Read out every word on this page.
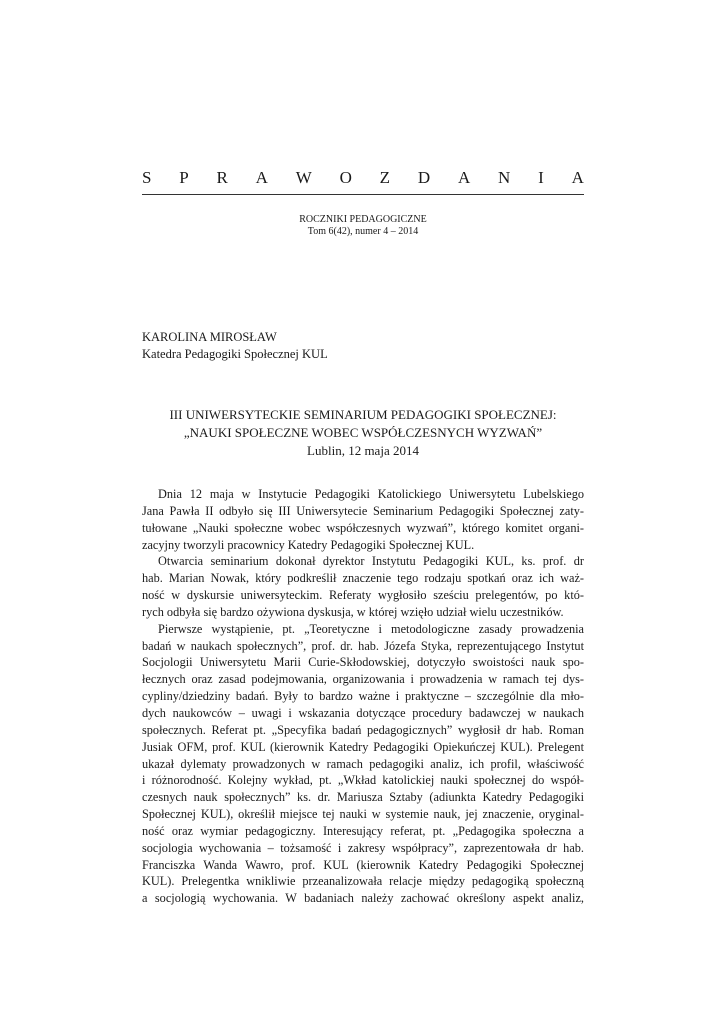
S P R A W O Z D A N I A
ROCZNIKI PEDAGOGICZNE
Tom 6(42), numer 4 – 2014
KAROLINA MIROSŁAW
Katedra Pedagogiki Społecznej KUL
III UNIWERSYTECKIE SEMINARIUM PEDAGOGIKI SPOŁECZNEJ:
„NAUKI SPOŁECZNE WOBEC WSPÓŁCZESNYCH WYZWAŃ”
Lublin, 12 maja 2014
Dnia 12 maja w Instytucie Pedagogiki Katolickiego Uniwersytetu Lubelskiego
Jana Pawła II odbyło się III Uniwersytecie Seminarium Pedagogiki Społecznej zaty-
tułowane „Nauki społeczne wobec współczesnych wyzwań”, którego komitet organi-
zacyjny tworzyli pracownicy Katedry Pedagogiki Społecznej KUL.
Otwarcia seminarium dokonał dyrektor Instytutu Pedagogiki KUL, ks. prof. dr
hab. Marian Nowak, który podkreślił znaczenie tego rodzaju spotkań oraz ich waż-
ność w dyskursie uniwersyteckim. Referaty wygłosiło sześciu prelegentów, po któ-
rych odbyła się bardzo ożywiona dyskusja, w której wzięło udział wielu uczestników.
Pierwsze wystąpienie, pt. „Teoretyczne i metodologiczne zasady prowadzenia
badań w naukach społecznych”, prof. dr. hab. Józefa Styka, reprezentującego Instytut
Socjologii Uniwersytetu Marii Curie-Skłodowskiej, dotyczyło swoistości nauk spo-
łecznych oraz zasad podejmowania, organizowania i prowadzenia w ramach tej dys-
cypliny/dziedziny badań. Były to bardzo ważne i praktyczne – szczególnie dla mło-
dych naukowców – uwagi i wskazania dotyczące procedury badawczej w naukach
społecznych. Referat pt. „Specyfika badań pedagogicznych” wygłosił dr hab. Roman
Jusiak OFM, prof. KUL (kierownik Katedry Pedagogiki Opiekuńczej KUL). Prelegent
ukazał dylematy prowadzonych w ramach pedagogiki analiz, ich profil, właściwość
i różnorodność. Kolejny wykład, pt. „Wkład katolickiej nauki społecznej do współ-
czesnych nauk społecznych” ks. dr. Mariusza Sztaby (adiunkta Katedry Pedagogiki
Społecznej KUL), określił miejsce tej nauki w systemie nauk, jej znaczenie, oryginal-
ność oraz wymiar pedagogiczny. Interesujący referat, pt. „Pedagogika społeczna a
socjologia wychowania – tożsamość i zakresy współpracy”, zaprezentowała dr hab.
Franciszka Wanda Wawro, prof. KUL (kierownik Katedry Pedagogiki Społecznej
KUL). Prelegentka wnikliwie przeanalizowała relacje między pedagogiką społeczną
a socjologią wychowania. W badaniach należy zachować określony aspekt analiz,
